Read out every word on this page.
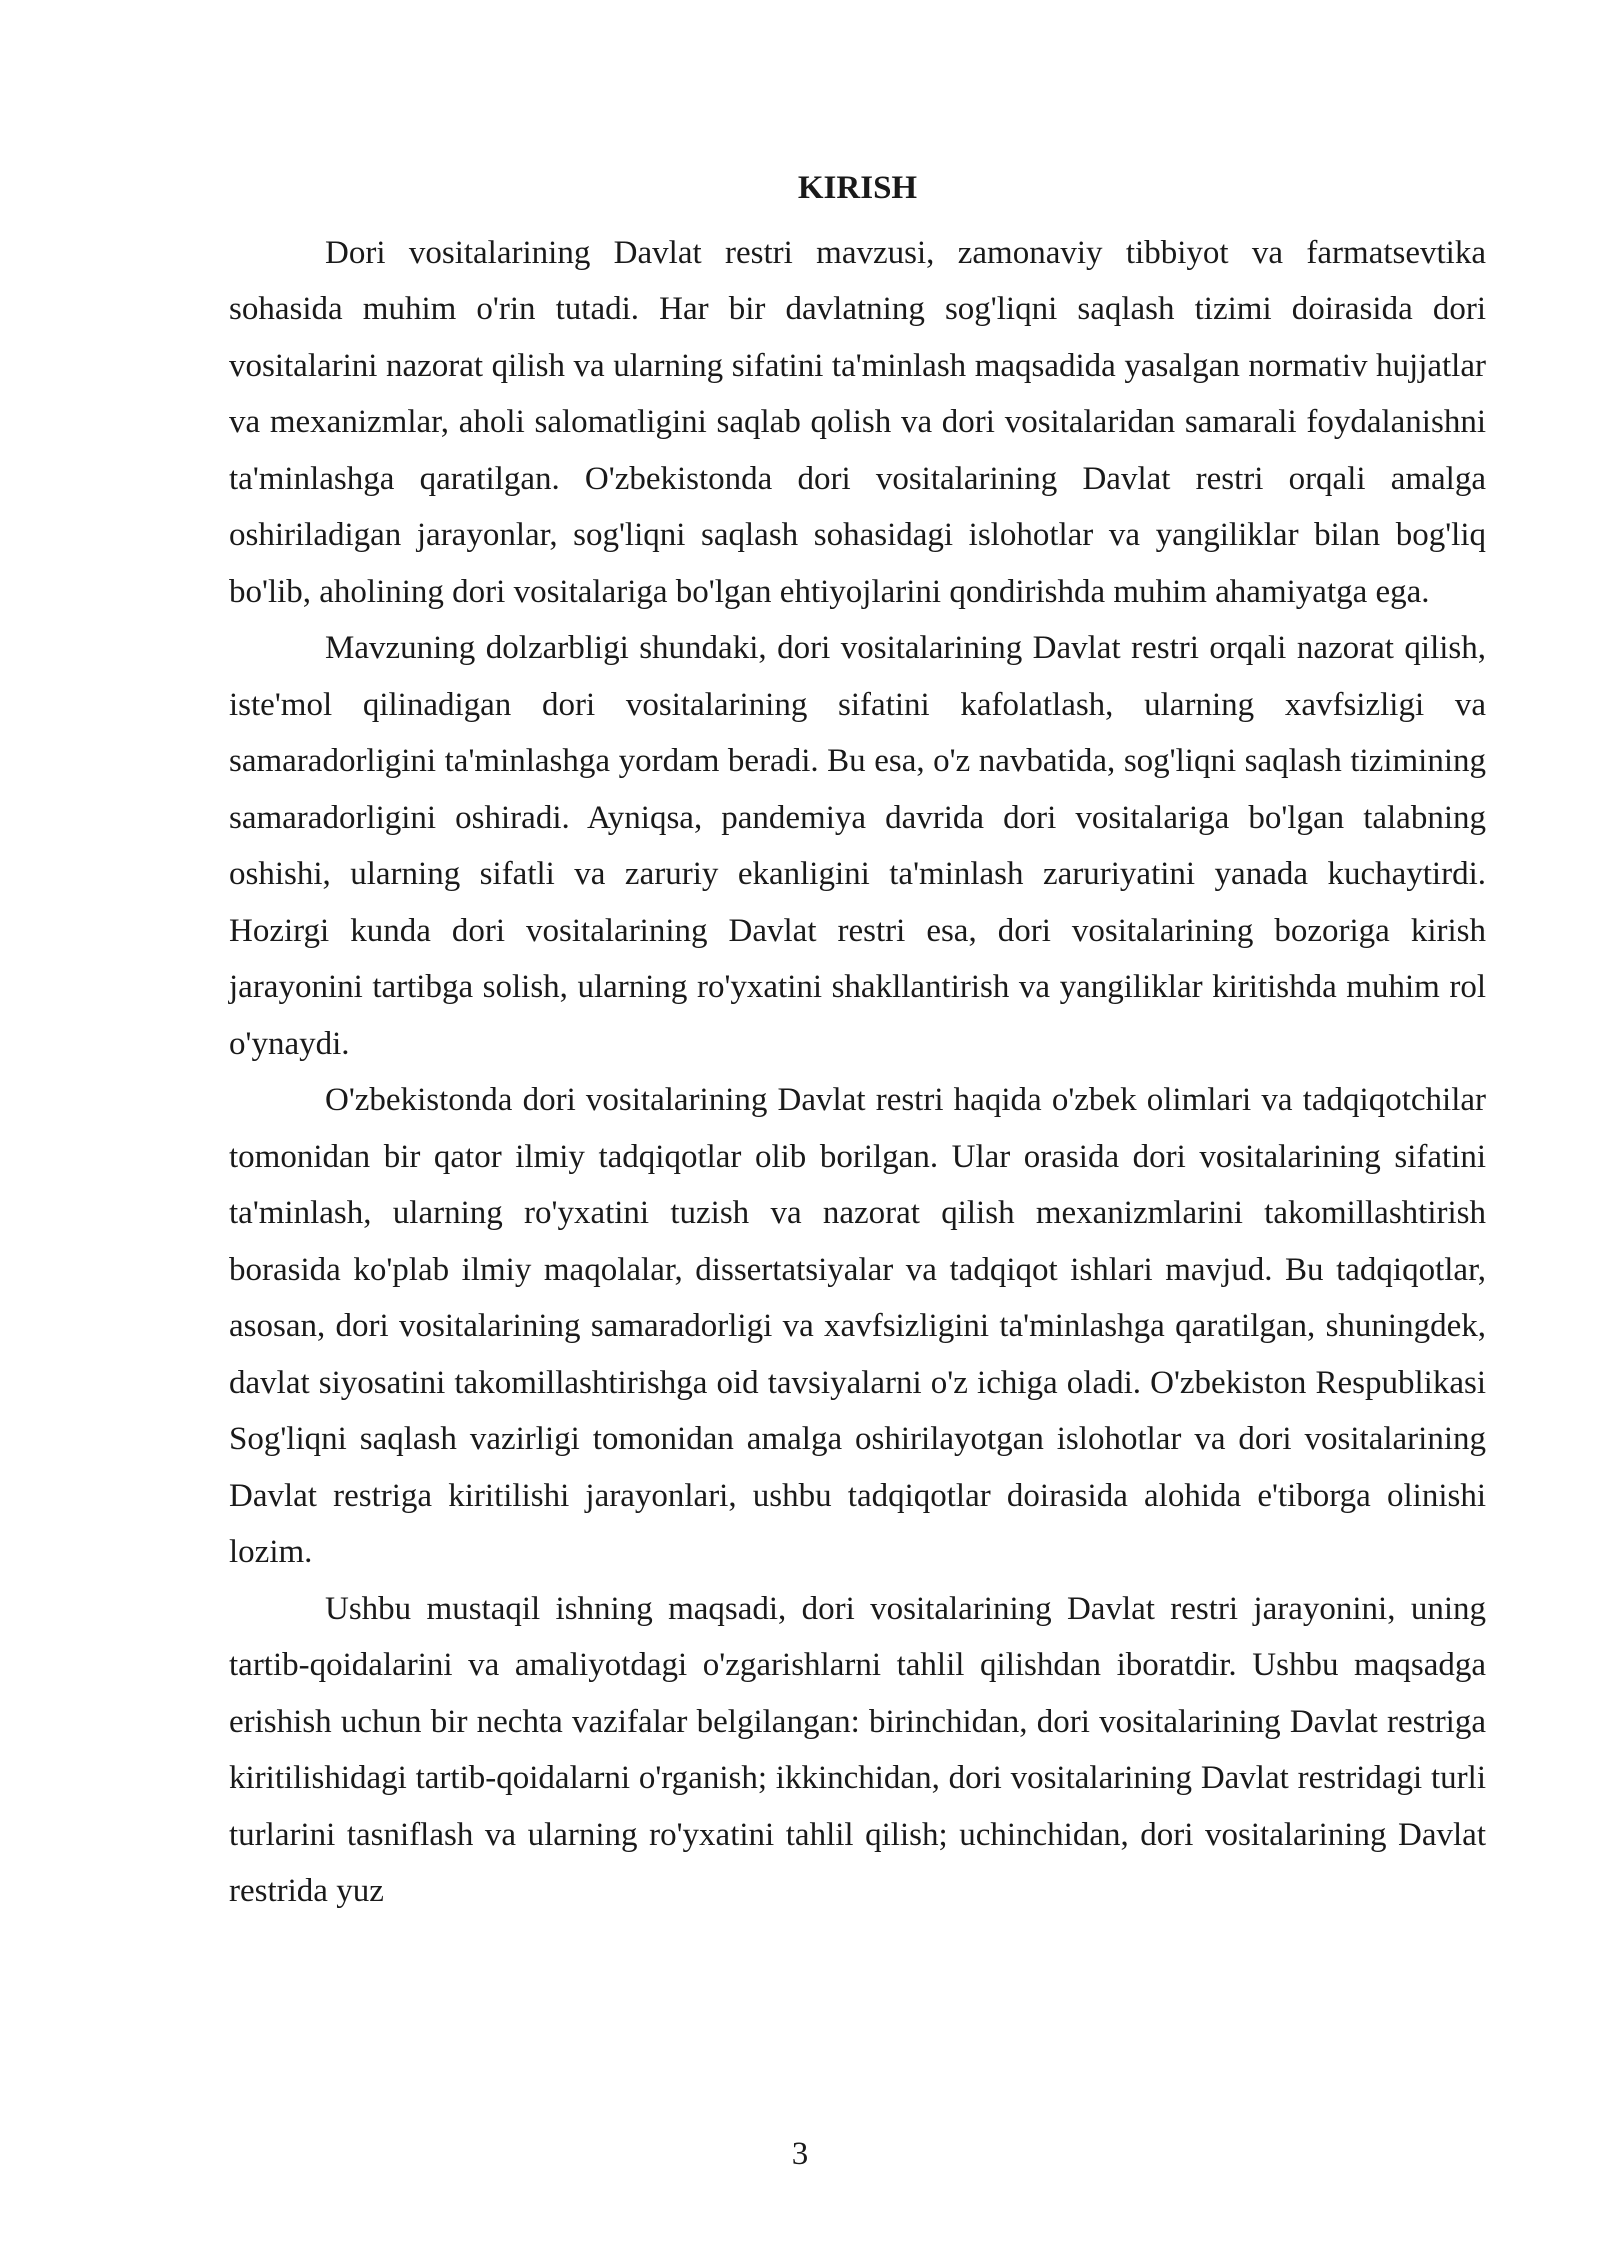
KIRISH

Dori vositalarining Davlat restri mavzusi, zamonaviy tibbiyot va farmatsevtika sohasida muhim o'rin tutadi. Har bir davlatning sog'liqni saqlash tizimi doirasida dori vositalarini nazorat qilish va ularning sifatini ta'minlash maqsadida yasalgan normativ hujjatlar va mexanizmlar, aholi salomatligini saqlab qolish va dori vositalaridan samarali foydalanishni ta'minlashga qaratilgan. O'zbekistonda dori vositalarining Davlat restri orqali amalga oshiriladigan jarayonlar, sog'liqni saqlash sohasidagi islohotlar va yangiliklar bilan bog'liq bo'lib, aholining dori vositalariga bo'lgan ehtiyojlarini qondirishda muhim ahamiyatga ega.

Mavzuning dolzarbligi shundaki, dori vositalarining Davlat restri orqali nazorat qilish, iste'mol qilinadigan dori vositalarining sifatini kafolatlash, ularning xavfsizligi va samaradorligini ta'minlashga yordam beradi. Bu esa, o'z navbatida, sog'liqni saqlash tizimining samaradorligini oshiradi. Ayniqsa, pandemiya davrida dori vositalariga bo'lgan talabning oshishi, ularning sifatli va zaruriy ekanligini ta'minlash zaruriyatini yanada kuchaytirdi. Hozirgi kunda dori vositalarining Davlat restri esa, dori vositalarining bozoriga kirish jarayonini tartibga solish, ularning ro'yxatini shakllantirish va yangiliklar kiritishda muhim rol o'ynaydi.

O'zbekistonda dori vositalarining Davlat restri haqida o'zbek olimlari va tadqiqotchilar tomonidan bir qator ilmiy tadqiqotlar olib borilgan. Ular orasida dori vositalarining sifatini ta'minlash, ularning ro'yxatini tuzish va nazorat qilish mexanizmlarini takomillashtirish borasida ko'plab ilmiy maqolalar, dissertatsiyalar va tadqiqot ishlari mavjud. Bu tadqiqotlar, asosan, dori vositalarining samaradorligi va xavfsizligini ta'minlashga qaratilgan, shuningdek, davlat siyosatini takomillashtirishga oid tavsiyalarni o'z ichiga oladi. O'zbekiston Respublikasi Sog'liqni saqlash vazirligi tomonidan amalga oshirilayotgan islohotlar va dori vositalarining Davlat restriga kiritilishi jarayonlari, ushbu tadqiqotlar doirasida alohida e'tiborga olinishi lozim.

Ushbu mustaqil ishning maqsadi, dori vositalarining Davlat restri jarayonini, uning tartib-qoidalarini va amaliyotdagi o'zgarishlarni tahlil qilishdan iboratdir. Ushbu maqsadga erishish uchun bir nechta vazifalar belgilangan: birinchidan, dori vositalarining Davlat restriga kiritilishidagi tartib-qoidalarni o'rganish; ikkinchidan, dori vositalarining Davlat restridagi turli turlarini tasniflash va ularning ro'yxatini tahlil qilish; uchinchidan, dori vositalarining Davlat restrida yuz

3
